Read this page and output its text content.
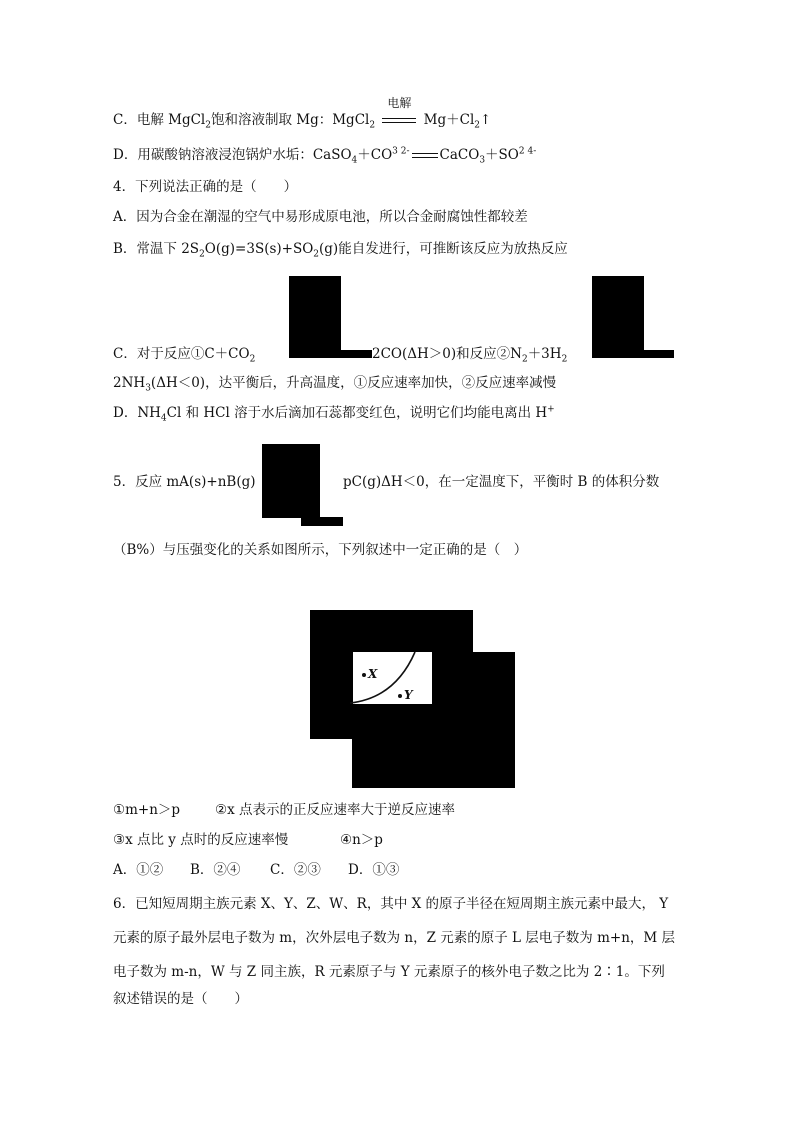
C．电解 MgCl$_2$饱和溶液制取 Mg：MgCl$_2$
电解
$Mg+Cl_2↑$
D．用碳酸钠溶液浸泡锅炉水垢：$CaSO_4+CO^{3 2-}$ $CaCO_3+SO^{2 4-}$
4．下列说法正确的是（　　）
A．因为合金在潮湿的空气中易形成原电池，所以合金耐腐蚀性都较差
B．常温下 $2S_2O(g)=3S(s)+SO_2(g)$能自发进行，可推断该反应为放热反应
C．对于反应$①C+CO_2$	2CO(ΔH＞0)和反应$②N_2+3H_2$
$2NH_3(\Delta H<0)$，达平衡后，升高温度，①反应速率加快，②反应速率减慢
D．$NH_4Cl$ 和 HCl 溶于水后滴加石蕊都变红色，说明它们均能电离出 H+
5．反应 mA(s)+nB(g)	pC(g)ΔH＜0，在一定温度下，平衡时 B 的体积分数
（B%）与压强变化的关系如图所示，下列叙述中一定正确的是（　）
X
Y
①m+n＞p	②x 点表示的正反应速率大于逆反应速率
③x 点比 y 点时的反应速率慢	④n＞p
A．①② B．②④ C．②③ D．①③
6．已知短周期主族元素 X、Y、Z、W、R，其中 X 的原子半径在短周期主族元素中最大， Y
元素的原子最外层电子数为 m，次外层电子数为 n，Z 元素的原子 L 层电子数为 m+n，M 层
电子数为 m-n，W 与 Z 同主族，R 元素原子与 Y 元素原子的核外电子数之比为 2∶1。下列
叙述错误的是（　　）
